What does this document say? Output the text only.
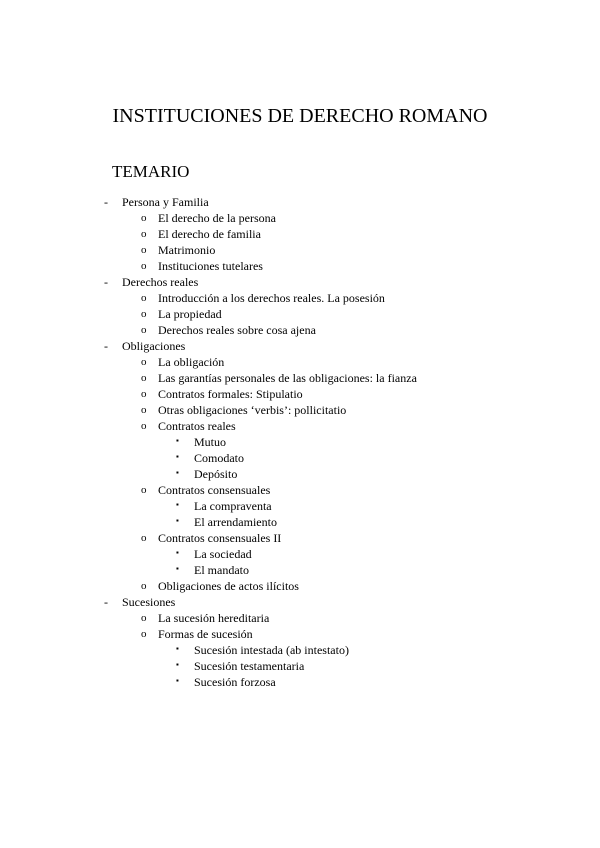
INSTITUCIONES DE DERECHO ROMANO
TEMARIO
- Persona y Familia
o El derecho de la persona
o El derecho de familia
o Matrimonio
o Instituciones tutelares
- Derechos reales
o Introducción a los derechos reales. La posesión
o La propiedad
o Derechos reales sobre cosa ajena
- Obligaciones
o La obligación
o Las garantías personales de las obligaciones: la fianza
o Contratos formales: Stipulatio
o Otras obligaciones ‘verbis’: pollicitatio
o Contratos reales
▪ Mutuo
▪ Comodato
▪ Depósito
o Contratos consensuales
▪ La compraventa
▪ El arrendamiento
o Contratos consensuales II
▪ La sociedad
▪ El mandato
o Obligaciones de actos ilícitos
- Sucesiones
o La sucesión hereditaria
o Formas de sucesión
▪ Sucesión intestada (ab intestato)
▪ Sucesión testamentaria
▪ Sucesión forzosa
